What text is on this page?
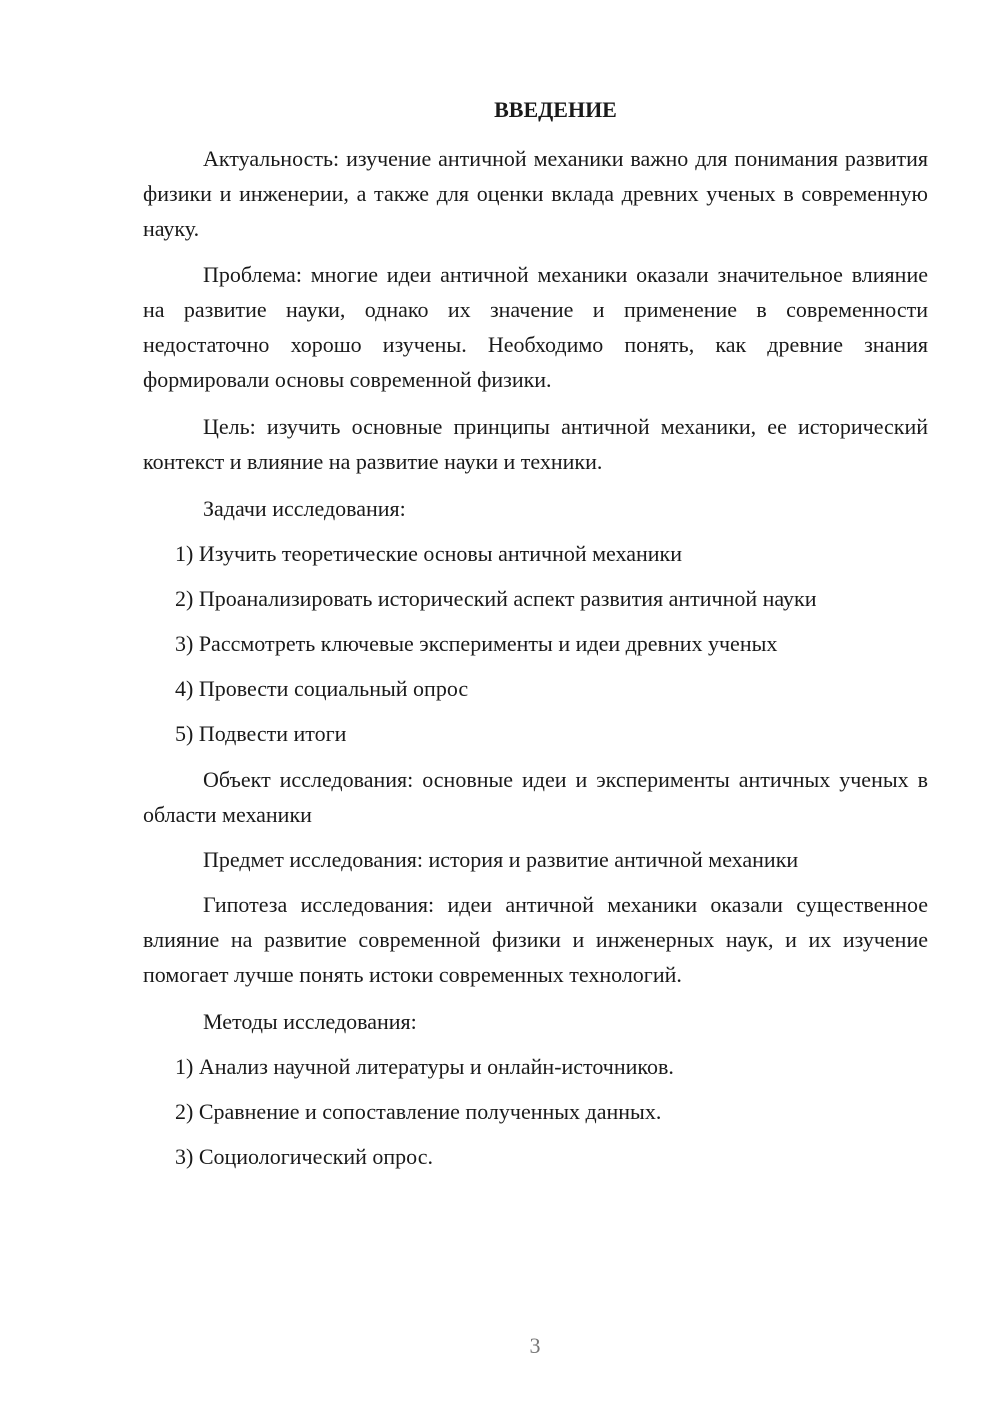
ВВЕДЕНИЕ

Актуальность: изучение античной механики важно для понимания развития физики и инженерии, а также для оценки вклада древних ученых в современную науку.

Проблема: многие идеи античной механики оказали значительное влияние на развитие науки, однако их значение и применение в современности недостаточно хорошо изучены. Необходимо понять, как древние знания формировали основы современной физики.

Цель: изучить основные принципы античной механики, ее исторический контекст и влияние на развитие науки и техники.

Задачи исследования:

1) Изучить теоретические основы античной механики

2) Проанализировать исторический аспект развития античной науки

3) Рассмотреть ключевые эксперименты и идеи древних ученых

4) Провести социальный опрос

5) Подвести итоги

Объект исследования: основные идеи и эксперименты античных ученых в области механики

Предмет исследования: история и развитие античной механики

Гипотеза исследования: идеи античной механики оказали существенное влияние на развитие современной физики и инженерных наук, и их изучение помогает лучше понять истоки современных технологий.

Методы исследования:

1) Анализ научной литературы и онлайн-источников.

2) Сравнение и сопоставление полученных данных.

3) Социологический опрос.

3
